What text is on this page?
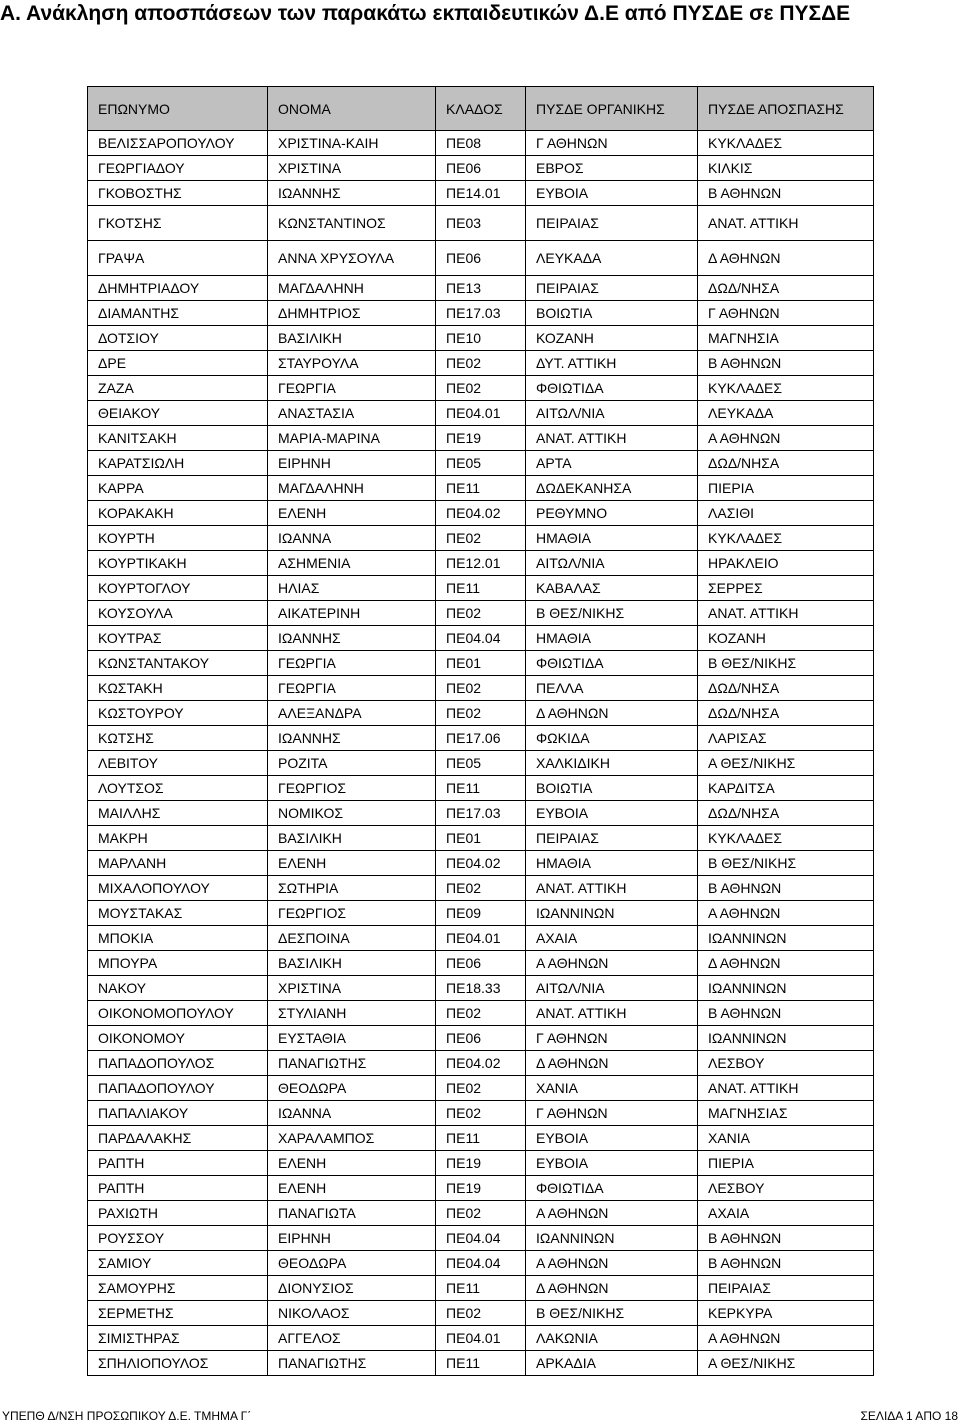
Α. Ανάκληση αποσπάσεων των παρακάτω εκπαιδευτικών Δ.Ε από ΠΥΣΔΕ σε ΠΥΣΔΕ
ΕΠΩΝΥΜΟ	ΟΝΟΜΑ	ΚΛΑΔΟΣ	ΠΥΣΔΕ ΟΡΓΑΝΙΚΗΣ	ΠΥΣΔΕ ΑΠΟΣΠΑΣΗΣ
ΒΕΛΙΣΣΑΡΟΠΟΥΛΟΥ	ΧΡΙΣΤΙΝΑ-ΚΑΙΗ	ΠΕ08	Γ ΑΘΗΝΩΝ	ΚΥΚΛΑΔΕΣ
ΓΕΩΡΓΙΑΔΟΥ	ΧΡΙΣΤΙΝΑ	ΠΕ06	ΕΒΡΟΣ	ΚΙΛΚΙΣ
ΓΚΟΒΟΣΤΗΣ	ΙΩΑΝΝΗΣ	ΠΕ14.01	ΕΥΒΟΙΑ	Β ΑΘΗΝΩΝ
ΓΚΟΤΣΗΣ	ΚΩΝΣΤΑΝΤΙΝΟΣ	ΠΕ03	ΠΕΙΡΑΙΑΣ	ΑΝΑΤ. ΑΤΤΙΚΗ
ΓΡΑΨΑ	ΑΝΝΑ ΧΡΥΣΟΥΛΑ	ΠΕ06	ΛΕΥΚΑΔΑ	Δ ΑΘΗΝΩΝ
ΔΗΜΗΤΡΙΑΔΟΥ	ΜΑΓΔΑΛΗΝΗ	ΠΕ13	ΠΕΙΡΑΙΑΣ	ΔΩΔ/ΝΗΣΑ
ΔΙΑΜΑΝΤΗΣ	ΔΗΜΗΤΡΙΟΣ	ΠΕ17.03	ΒΟΙΩΤΙΑ	Γ ΑΘΗΝΩΝ
ΔΟΤΣΙΟΥ	ΒΑΣΙΛΙΚΗ	ΠΕ10	ΚΟΖΑΝΗ	ΜΑΓΝΗΣΙΑ
ΔΡΕ	ΣΤΑΥΡΟΥΛΑ	ΠΕ02	ΔΥΤ. ΑΤΤΙΚΗ	Β ΑΘΗΝΩΝ
ΖΑΖΑ	ΓΕΩΡΓΙΑ	ΠΕ02	ΦΘΙΩΤΙΔΑ	ΚΥΚΛΑΔΕΣ
ΘΕΙΑΚΟΥ	ΑΝΑΣΤΑΣΙΑ	ΠΕ04.01	ΑΙΤΩΛ/ΝΙΑ	ΛΕΥΚΑΔΑ
ΚΑΝΙΤΣΑΚΗ	ΜΑΡΙΑ-ΜΑΡΙΝΑ	ΠΕ19	ΑΝΑΤ. ΑΤΤΙΚΗ	Α ΑΘΗΝΩΝ
ΚΑΡΑΤΣΙΩΛΗ	ΕΙΡΗΝΗ	ΠΕ05	ΑΡΤΑ	ΔΩΔ/ΝΗΣΑ
ΚΑΡΡΑ	ΜΑΓΔΑΛΗΝΗ	ΠΕ11	ΔΩΔΕΚΑΝΗΣΑ	ΠΙΕΡΙΑ
ΚΟΡΑΚΑΚΗ	ΕΛΕΝΗ	ΠΕ04.02	ΡΕΘΥΜΝΟ	ΛΑΣΙΘΙ
ΚΟΥΡΤΗ	ΙΩΑΝΝΑ	ΠΕ02	ΗΜΑΘΙΑ	ΚΥΚΛΑΔΕΣ
ΚΟΥΡΤΙΚΑΚΗ	ΑΣΗΜΕΝΙΑ	ΠΕ12.01	ΑΙΤΩΛ/ΝΙΑ	ΗΡΑΚΛΕΙΟ
ΚΟΥΡΤΟΓΛΟΥ	ΗΛΙΑΣ	ΠΕ11	ΚΑΒΑΛΑΣ	ΣΕΡΡΕΣ
ΚΟΥΣΟΥΛΑ	ΑΙΚΑΤΕΡΙΝΗ	ΠΕ02	Β ΘΕΣ/ΝΙΚΗΣ	ΑΝΑΤ. ΑΤΤΙΚΗ
ΚΟΥΤΡΑΣ	ΙΩΑΝΝΗΣ	ΠΕ04.04	ΗΜΑΘΙΑ	ΚΟΖΑΝΗ
ΚΩΝΣΤΑΝΤΑΚΟΥ	ΓΕΩΡΓΙΑ	ΠΕ01	ΦΘΙΩΤΙΔΑ	Β ΘΕΣ/ΝΙΚΗΣ
ΚΩΣΤΑΚΗ	ΓΕΩΡΓΙΑ	ΠΕ02	ΠΕΛΛΑ	ΔΩΔ/ΝΗΣΑ
ΚΩΣΤΟΥΡΟΥ	ΑΛΕΞΑΝΔΡΑ	ΠΕ02	Δ ΑΘΗΝΩΝ	ΔΩΔ/ΝΗΣΑ
ΚΩΤΣΗΣ	ΙΩΑΝΝΗΣ	ΠΕ17.06	ΦΩΚΙΔΑ	ΛΑΡΙΣΑΣ
ΛΕΒΙΤΟΥ	ΡΟΖΙΤΑ	ΠΕ05	ΧΑΛΚΙΔΙΚΗ	Α ΘΕΣ/ΝΙΚΗΣ
ΛΟΥΤΣΟΣ	ΓΕΩΡΓΙΟΣ	ΠΕ11	ΒΟΙΩΤΙΑ	ΚΑΡΔΙΤΣΑ
ΜΑΙΛΛΗΣ	ΝΟΜΙΚΟΣ	ΠΕ17.03	ΕΥΒΟΙΑ	ΔΩΔ/ΝΗΣΑ
ΜΑΚΡΗ	ΒΑΣΙΛΙΚΗ	ΠΕ01	ΠΕΙΡΑΙΑΣ	ΚΥΚΛΑΔΕΣ
ΜΑΡΛΑΝΗ	ΕΛΕΝΗ	ΠΕ04.02	ΗΜΑΘΙΑ	Β ΘΕΣ/ΝΙΚΗΣ
ΜΙΧΑΛΟΠΟΥΛΟΥ	ΣΩΤΗΡΙΑ	ΠΕ02	ΑΝΑΤ. ΑΤΤΙΚΗ	Β ΑΘΗΝΩΝ
ΜΟΥΣΤΑΚΑΣ	ΓΕΩΡΓΙΟΣ	ΠΕ09	ΙΩΑΝΝΙΝΩΝ	Α ΑΘΗΝΩΝ
ΜΠΟΚΙΑ	ΔΕΣΠΟΙΝΑ	ΠΕ04.01	ΑΧΑΙΑ	ΙΩΑΝΝΙΝΩΝ
ΜΠΟΥΡΑ	ΒΑΣΙΛΙΚΗ	ΠΕ06	Α ΑΘΗΝΩΝ	Δ ΑΘΗΝΩΝ
ΝΑΚΟΥ	ΧΡΙΣΤΙΝΑ	ΠΕ18.33	ΑΙΤΩΛ/ΝΙΑ	ΙΩΑΝΝΙΝΩΝ
ΟΙΚΟΝΟΜΟΠΟΥΛΟΥ	ΣΤΥΛΙΑΝΗ	ΠΕ02	ΑΝΑΤ. ΑΤΤΙΚΗ	Β ΑΘΗΝΩΝ
ΟΙΚΟΝΟΜΟΥ	ΕΥΣΤΑΘΙΑ	ΠΕ06	Γ ΑΘΗΝΩΝ	ΙΩΑΝΝΙΝΩΝ
ΠΑΠΑΔΟΠΟΥΛΟΣ	ΠΑΝΑΓΙΩΤΗΣ	ΠΕ04.02	Δ ΑΘΗΝΩΝ	ΛΕΣΒΟΥ
ΠΑΠΑΔΟΠΟΥΛΟΥ	ΘΕΟΔΩΡΑ	ΠΕ02	ΧΑΝΙΑ	ΑΝΑΤ. ΑΤΤΙΚΗ
ΠΑΠΑΛΙΑΚΟΥ	ΙΩΑΝΝΑ	ΠΕ02	Γ ΑΘΗΝΩΝ	ΜΑΓΝΗΣΙΑΣ
ΠΑΡΔΑΛΑΚΗΣ	ΧΑΡΑΛΑΜΠΟΣ	ΠΕ11	ΕΥΒΟΙΑ	ΧΑΝΙΑ
ΡΑΠΤΗ	ΕΛΕΝΗ	ΠΕ19	ΕΥΒΟΙΑ	ΠΙΕΡΙΑ
ΡΑΠΤΗ	ΕΛΕΝΗ	ΠΕ19	ΦΘΙΩΤΙΔΑ	ΛΕΣΒΟΥ
ΡΑΧΙΩΤΗ	ΠΑΝΑΓΙΩΤΑ	ΠΕ02	Α ΑΘΗΝΩΝ	ΑΧΑΙΑ
ΡΟΥΣΣΟΥ	ΕΙΡΗΝΗ	ΠΕ04.04	ΙΩΑΝΝΙΝΩΝ	Β ΑΘΗΝΩΝ
ΣΑΜΙΟΥ	ΘΕΟΔΩΡΑ	ΠΕ04.04	Α ΑΘΗΝΩΝ	Β ΑΘΗΝΩΝ
ΣΑΜΟΥΡΗΣ	ΔΙΟΝΥΣΙΟΣ	ΠΕ11	Δ ΑΘΗΝΩΝ	ΠΕΙΡΑΙΑΣ
ΣΕΡΜΕΤΗΣ	ΝΙΚΟΛΑΟΣ	ΠΕ02	Β ΘΕΣ/ΝΙΚΗΣ	ΚΕΡΚΥΡΑ
ΣΙΜΙΣΤΗΡΑΣ	ΑΓΓΕΛΟΣ	ΠΕ04.01	ΛΑΚΩΝΙΑ	Α ΑΘΗΝΩΝ
ΣΠΗΛΙΟΠΟΥΛΟΣ	ΠΑΝΑΓΙΩΤΗΣ	ΠΕ11	ΑΡΚΑΔΙΑ	Α ΘΕΣ/ΝΙΚΗΣ
ΥΠΕΠΘ Δ/ΝΣΗ ΠΡΟΣΩΠΙΚΟΥ Δ.Ε. ΤΜΗΜΑ Γ΄	ΣΕΛΙΔΑ 1 ΑΠΟ 18
